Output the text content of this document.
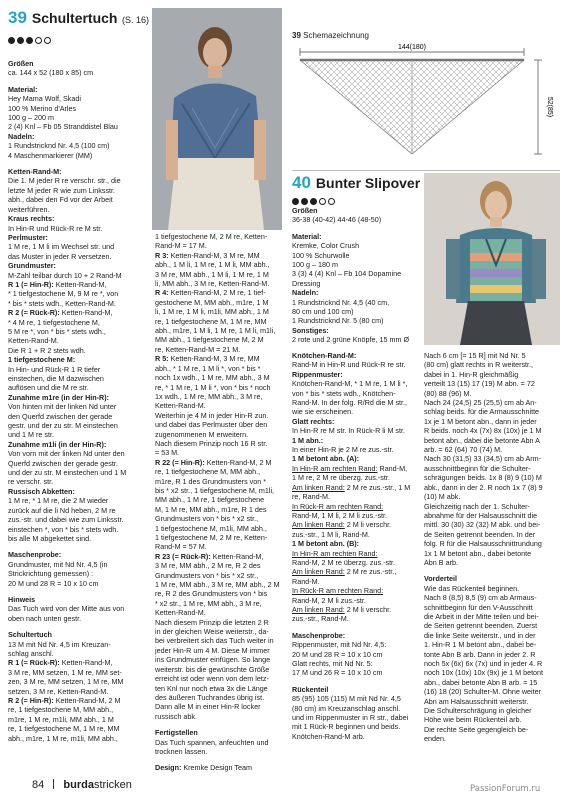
39 Schultertuch (S. 16)

Größen

ca. 144 x 52 (180 x 85) cm

Material:

Hey Mama Wolf, Skadi

100 % Merino d'Arles

100 g – 200 m

2 (4) Knl – Fb 05 Stranddistel Blau

Nadeln:

1 Rundstricknd Nr. 4,5 (100 cm)

4 Maschenmarkierer (MM)

Ketten-Rand-M:

Die 1. M jeder R re verschr. str., die

letzte M jeder R wie zum Linksstr.

abh., dabei den Fd vor der Arbeit

weiterführen.

Kraus rechts:

In Hin-R und Rück-R re M str.

Perlmuster:

1 M re, 1 M li im Wechsel str. und

das Muster in jeder R versetzen.

Grundmuster:

M-Zahl teilbar durch 10 + 2 Rand-M

R 1 (= Hin-R): Ketten-Rand-M,

* 1 tiefgestochene M, 9 M re *, von

* bis * stets wdh., Ketten-Rand-M.

R 2 (= Rück-R): Ketten-Rand-M,

* 4 M re, 1 tiefgestochene M,

5 M re *, von * bis * stets wdh.,

Ketten-Rand-M.

Die R 1 + R 2 stets wdh.

1 tiefgestochene M:

In Hin- und Rück-R 1 R tiefer

einstechen, die M dazwischen

auflösen und die M re str.

Zunahme m1re (in der Hin-R):

Von hinten mit der linken Nd unter

den Querfd zwischen der gerade

gestr. und der zu str. M einstechen

und 1 M re str.

Zunahme m1li (in der Hin-R):

Von vorn mit der linken Nd unter den

Querfd zwischen der gerade gestr.

und der zu str. M einstechen und 1 M

re verschr. str.

Russisch Abketten:

1 M re, * 1 M re, die 2 M wieder

zurück auf die li Nd heben, 2 M re

zus.-str. und dabei wie zum Linksstr.

einstechen *, von * bis * stets wdh.

bis alle M abgekettet sind.

Maschenprobe:

Grundmuster, mit Nd Nr. 4,5 (in

Strickrichtung gemessen) :

20 M und 28 R = 10 x 10 cm

Hinweis

Das Tuch wird von der Mitte aus von

oben nach unten gestr.

Schultertuch

13 M mit Nd Nr. 4,5 im Kreuzan-

schlag anschl.

R 1 (= Rück-R): Ketten-Rand-M,

3 M re, MM setzen, 1 M re, MM set-

zen, 3 M re, MM setzen, 1 M re, MM

setzen, 3 M re, Ketten-Rand-M.

R 2 (= Hin-R): Ketten-Rand-M, 2 M

re, 1 tiefgestochene M, MM abh.,

m1re, 1 M re, m1li, MM abh., 1 M

re, 1 tiefgestochene M, 1 M re, MM

abh., m1re, 1 M re, m1li, MM abh.,

1 tiefgestochene M, 2 M re, Ketten-

Rand-M = 17 M.

R 3: Ketten-Rand-M, 3 M re, MM

abh., 1 M li, 1 M re, 1 M li, MM abh.,

3 M re, MM abh., 1 M li, 1 M re, 1 M

li, MM abh., 3 M re, Ketten-Rand-M.

R 4: Ketten-Rand-M, 2 M re, 1 tief-

gestochene M, MM abh., m1re, 1 M

li, 1 M re, 1 M li, m1li, MM abh., 1 M

re, 1 tiefgestochene M, 1 M re, MM

abh., m1re, 1 M li, 1 M re, 1 M li, m1li,

MM abh., 1 tiefgestochene M, 2 M

re, Ketten-Rand-M = 21 M.

R 5: Ketten-Rand-M, 3 M re, MM

abh., * 1 M re, 1 M li *, von * bis *

noch 1x wdh., 1 M re, MM abh., 3 M

re, * 1 M re, 1 M li *, von * bis * noch

1x wdh., 1 M re, MM abh., 3 M re,

Ketten-Rand-M.

Weiterhin je 4 M in jeder Hin-R zun.

und dabei das Perlmuster über den

zugenommenen M erweitern.

Nach diesem Prinzip noch 16 R str.

= 53 M.

R 22 (= Hin-R): Ketten-Rand-M, 2 M

re, 1 tiefgestochene M, MM abh.,

m1re, R 1 des Grundmusters von *

bis * x2 str., 1 tiefgestochene M, m1li,

MM abh., 1 M re, 1 tiefgestochene

M, 1 M re, MM abh., m1re, R 1 des

Grundmusters von * bis * x2 str.,

1 tiefgestochene M, m1li, MM abh.,

1 tiefgestochene M, 2 M re, Ketten-

Rand-M = 57 M.

R 23 (= Rück-R): Ketten-Rand-M,

3 M re, MM abh., 2 M re, R 2 des

Grundmusters von * bis * x2 str.,

1 M re, MM abh., 3 M re, MM abh., 2 M

re, R 2 des Grundmusters von * bis

* x2 str., 1 M re, MM abh., 3 M re,

Ketten-Rand-M.

Nach diesem Prinzip die letzten 2 R

in der gleichen Weise weiterstr., da-

bei verbreitert sich das Tuch weiter in

jeder Hin-R um 4 M. Diese M immer

ins Grundmuster einfügen. So lange

weiterstr. bis die gewünschte Größe

erreicht ist oder wenn von dem letz-

ten Knl nur noch etwa 3x die Länge

des äußeren Tuchrandes übrig ist.

Dann alle M in einer Hin-R locker

russisch abk.

Fertigstellen

Das Tuch spannen, anfeuchten und

trocknen lassen.

Design: Kremke Design Team

39 Schemazeichnung
144(180)
52(85)
40 Bunter Slipover

Größen

36-38 (40-42) 44-46 (48-50)

Material:

Kremke, Color Crush

100 % Schurwolle

100 g – 180 m

3 (3) 4 (4) Knl – Fb 104 Dopamine

Dressing

Nadeln:

1 Rundstricknd Nr. 4,5 (40 cm,

80 cm und 100 cm)

1 Rundstricknd Nr. 5 (80 cm)

Sonstiges:

2 rote und 2 grüne Knöpfe, 15 mm Ø

Knötchen-Rand-M:

Rand-M in Hin-R und Rück-R re str.

Rippenmuster:

Knötchen-Rand-M, * 1 M re, 1 M li *,

von * bis * stets wdh., Knötchen-

Rand-M. In der folg. R/Rd die M str.,

wie sie erscheinen.

Glatt rechts:

In Hin-R re M str. In Rück-R li M str.

1 M abn.:

In einer Hin-R je 2 M re zus.-str.

1 M betont abn. (A):

In Hin-R am rechten Rand: Rand-M,

1 M re, 2 M re überzg. zus.-str.

Am linken Rand: 2 M re zus.-str., 1 M

re, Rand-M.

In Rück-R am rechten Rand:

Rand-M, 1 M li, 2 M li zus.-str.

Am linken Rand: 2 M li verschr.

zus.-str., 1 M li, Rand-M.

1 M betont abn. (B):

In Hin-R am rechten Rand:

Rand-M, 2 M re überzg. zus.-str.

Am linken Rand: 2 M re zus.-str.,

Rand-M.

In Rück-R am rechten Rand:

Rand-M, 2 M li zus.-str.

Am linken Rand: 2 M li verschr.

zus.-str., Rand-M.

Maschenprobe:

Rippenmuster, mit Nd Nr. 4,5:

20 M und 28 R = 10 x 10 cm

Glatt rechts, mit Nd Nr. 5:

17 M und 26 R = 10 x 10 cm

Rückenteil

85 (95) 105 (115) M mit Nd Nr. 4,5

(80 cm) im Kreuzanschlag anschl.

und im Rippenmuster in R str., dabei

mit 1 Rück-R beginnen und beids.

Knötchen-Rand-M arb.

Nach 6 cm [= 15 R] mit Nd Nr. 5

(80 cm) glatt rechts in R weiterstr.,

dabei in 1. Hin-R gleichmäßig

verteilt 13 (15) 17 (19) M abn. = 72

(80) 88 (96) M.

Nach 24 (24,5) 25 (25,5) cm ab An-

schlag beids. für die Armausschnitte

1x je 1 M betont abn., dann in jeder

R beids. noch 4x (7x) 8x (10x) je 1 M

betont abn., dabei die betonte Abn A

arb. = 62 (64) 70 (74) M.

Nach 30 (31,5) 33 (34,5) cm ab Arm-

ausschnittbeginn für die Schulter-

schrägungen beids. 1x 8 (8) 9 (10) M

abk., dann in der 2. R noch 1x 7 (8) 9

(10) M abk.

Gleichzeitig nach der 1. Schulter-

abnahme für der Halsausschnitt die

mittl. 30 (30) 32 (32) M abk. und bei-

de Seiten getrennt beenden. In der

folg. R für die Halsausschnittrundung

1x 1 M betont abn., dabei betonte

Abn B arb.

Vorderteil

Wie das Rückenteil beginnen.

Nach 8 (8,5) 8,5 (9) cm ab Armaus-

schnittbeginn für den V-Ausschnitt

die Arbeit in der Mitte teilen und bei-

de Seiten getrennt beenden. Zuerst

die linke Seite weiterstr., und in der

1. Hin-R 1 M betont abn., dabei be-

tonte Abn B arb. Dann in jeder 2. R

noch 5x (6x) 6x (7x) und in jeder 4. R

noch 10x (10x) 10x (9x) je 1 M betont

abn., dabei betonte Abn B arb. = 15

(16) 18 (20) Schulter-M. Ohne weiter

Abn am Halsausschnitt weiterstr.

Die Schulterschrägung in gleicher

Höhe wie beim Rückenteil arb.

Die rechte Seite gegengleich be-

enden.

84 burdastricken	PassionForum.ru
